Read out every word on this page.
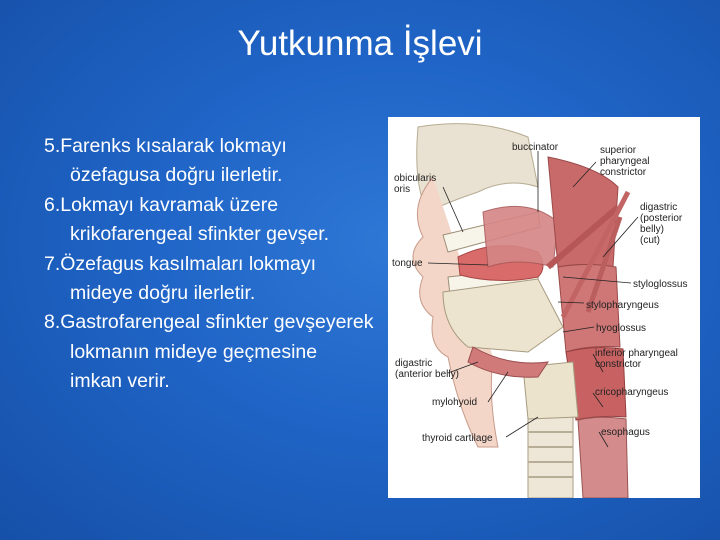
Yutkunma İşlevi
5.Farenks kısalarak lokmayı özefagusa doğru ilerletir.
6.Lokmayı kavramak üzere krikofarengeal sfinkter gevşer.
7.Özefagus kasılmaları lokmayı mideye doğru ilerletir.
8.Gastrofarengeal sfinkter gevşeyerek lokmanın mideye geçmesine imkan verir.
buccinator
obicularis
oris
superior
pharyngeal
constrictor
digastric
(posterior
belly)
(cut)
tongue
styloglossus
stylopharyngeus
hyoglossus
inferior pharyngeal
constrictor
digastric
(anterior belly)
mylohyoid
cricopharyngeus
thyroid cartilage
esophagus
